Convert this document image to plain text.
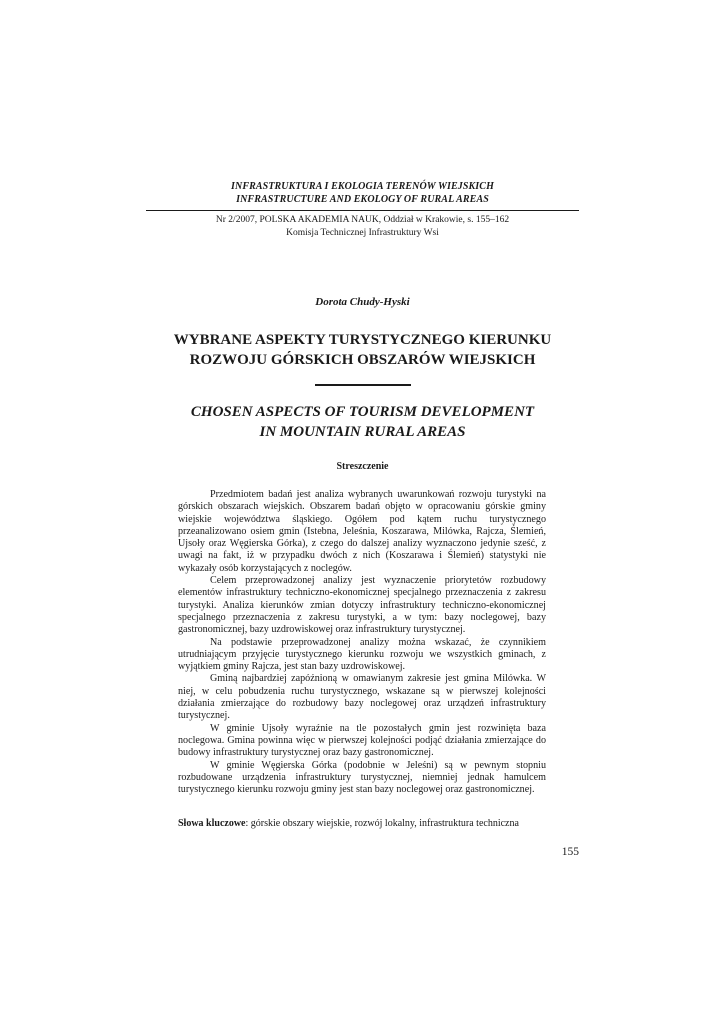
INFRASTRUKTURA I EKOLOGIA TERENÓW WIEJSKICH
INFRASTRUCTURE AND EKOLOGY OF RURAL AREAS
Nr 2/2007, POLSKA AKADEMIA NAUK, Oddział w Krakowie, s. 155–162
Komisja Technicznej Infrastruktury Wsi
Dorota Chudy-Hyski
WYBRANE ASPEKTY TURYSTYCZNEGO KIERUNKU
ROZWOJU GÓRSKICH OBSZARÓW WIEJSKICH
CHOSEN ASPECTS OF TOURISM DEVELOPMENT
IN MOUNTAIN RURAL AREAS
Streszczenie

Przedmiotem badań jest analiza wybranych uwarunkowań rozwoju turystyki na górskich obszarach wiejskich. Obszarem badań objęto w opracowaniu górskie gminy wiejskie województwa śląskiego. Ogółem pod kątem ruchu turystycznego przeanalizowano osiem gmin (Istebna, Jeleśnia, Koszarawa, Milówka, Rajcza, Ślemień, Ujsoły oraz Węgierska Górka), z czego do dalszej analizy wyznaczono jedynie sześć, z uwagi na fakt, iż w przypadku dwóch z nich (Koszarawa i Ślemień) statystyki nie wykazały osób korzystających z noclegów.

Celem przeprowadzonej analizy jest wyznaczenie priorytetów rozbudowy elementów infrastruktury techniczno-ekonomicznej specjalnego przeznaczenia z zakresu turystyki. Analiza kierunków zmian dotyczy infrastruktury techniczno-ekonomicznej specjalnego przeznaczenia z zakresu turystyki, a w tym: bazy noclegowej, bazy gastronomicznej, bazy uzdrowiskowej oraz infrastruktury turystycznej.

Na podstawie przeprowadzonej analizy można wskazać, że czynnikiem utrudniającym przyjęcie turystycznego kierunku rozwoju we wszystkich gminach, z wyjątkiem gminy Rajcza, jest stan bazy uzdrowiskowej.

Gminą najbardziej zapóźnioną w omawianym zakresie jest gmina Milówka. W niej, w celu pobudzenia ruchu turystycznego, wskazane są w pierwszej kolejności działania zmierzające do rozbudowy bazy noclegowej oraz urządzeń infrastruktury turystycznej.

W gminie Ujsoły wyraźnie na tle pozostałych gmin jest rozwinięta baza noclegowa. Gmina powinna więc w pierwszej kolejności podjąć działania zmierzające do budowy infrastruktury turystycznej oraz bazy gastronomicznej.

W gminie Węgierska Górka (podobnie w Jeleśni) są w pewnym stopniu rozbudowane urządzenia infrastruktury turystycznej, niemniej jednak hamulcem turystycznego kierunku rozwoju gminy jest stan bazy noclegowej oraz gastronomicznej.

Słowa kluczowe: górskie obszary wiejskie, rozwój lokalny, infrastruktura techniczna
155
